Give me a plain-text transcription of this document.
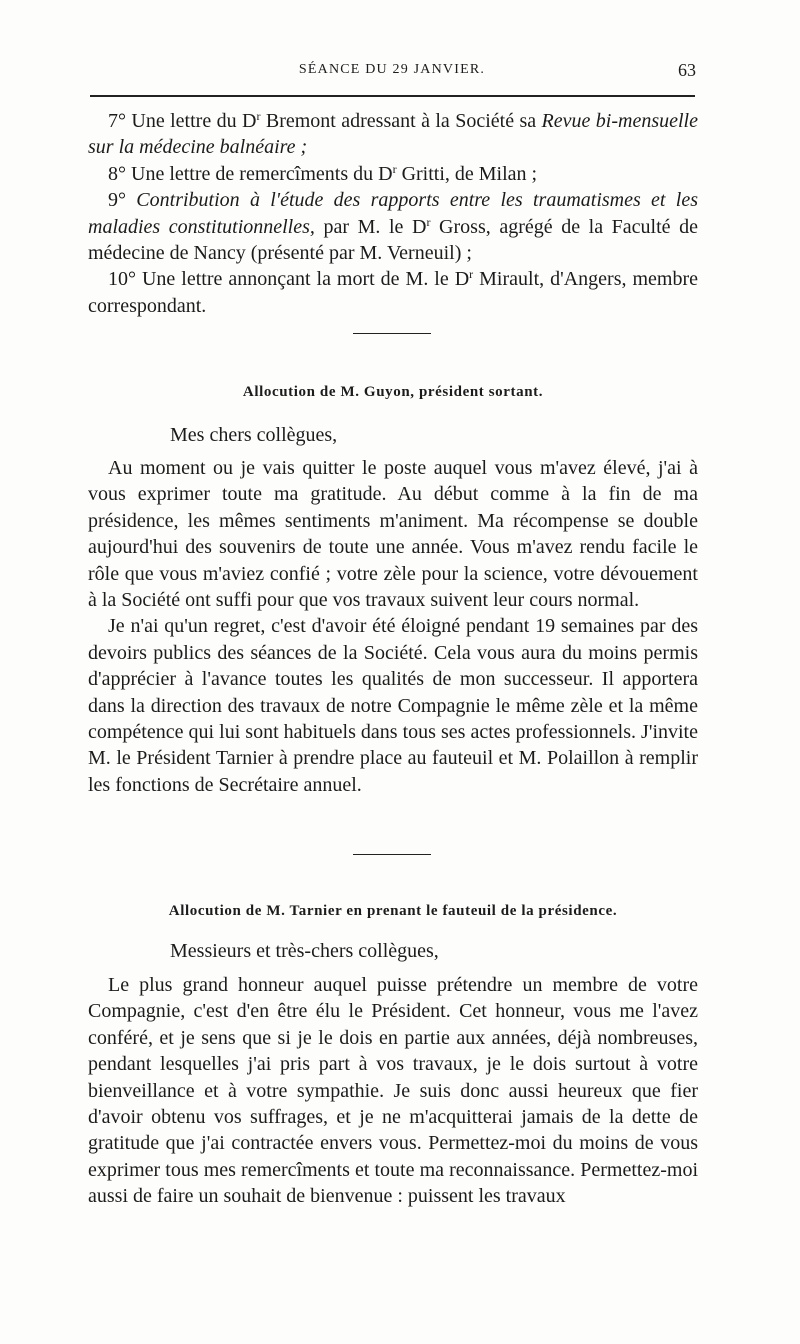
SÉANCE DU 29 JANVIER.	63

7° Une lettre du $D^r$ Bremont adressant à la Société sa Revue bi-mensuelle sur la médecine balnéaire ;

8° Une lettre de remercîments du $D^r$ Gritti, de Milan ;

9° Contribution à l'étude des rapports entre les traumatismes et les maladies constitutionnelles, par M. le $D^r$ Gross, agrégé de la Faculté de médecine de Nancy (présenté par M. Verneuil) ;

10° Une lettre annonçant la mort de M. le $D^r$ Mirault, d'Angers, membre correspondant.

Allocution de M. Guyon, président sortant.
Mes chers collègues,

Au moment ou je vais quitter le poste auquel vous m'avez élevé, j'ai à vous exprimer toute ma gratitude. Au début comme à la fin de ma présidence, les mêmes sentiments m'animent. Ma récompense se double aujourd'hui des souvenirs de toute une année. Vous m'avez rendu facile le rôle que vous m'aviez confié ; votre zèle pour la science, votre dévouement à la Société ont suffi pour que vos travaux suivent leur cours normal.

Je n'ai qu'un regret, c'est d'avoir été éloigné pendant 19 semaines par des devoirs publics des séances de la Société. Cela vous aura du moins permis d'apprécier à l'avance toutes les qualités de mon successeur. Il apportera dans la direction des travaux de notre Compagnie le même zèle et la même compétence qui lui sont habituels dans tous ses actes professionnels. J'invite M. le Président Tarnier à prendre place au fauteuil et M. Polaillon à remplir les fonctions de Secrétaire annuel.

Allocution de M. Tarnier en prenant le fauteuil de la présidence.
Messieurs et très-chers collègues,

Le plus grand honneur auquel puisse prétendre un membre de votre Compagnie, c'est d'en être élu le Président. Cet honneur, vous me l'avez conféré, et je sens que si je le dois en partie aux années, déjà nombreuses, pendant lesquelles j'ai pris part à vos travaux, je le dois surtout à votre bienveillance et à votre sympathie. Je suis donc aussi heureux que fier d'avoir obtenu vos suffrages, et je ne m'acquitterai jamais de la dette de gratitude que j'ai contractée envers vous. Permettez-moi du moins de vous exprimer tous mes remercîments et toute ma reconnaissance. Permettez-moi aussi de faire un souhait de bienvenue : puissent les travaux
